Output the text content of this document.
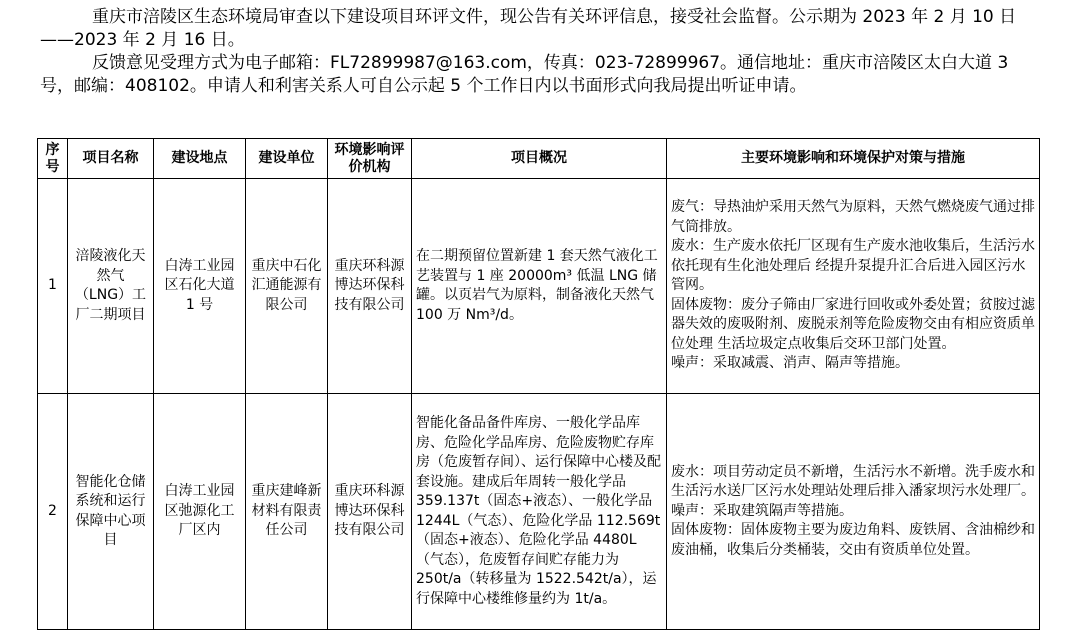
重庆市涪陵区生态环境局审查以下建设项目环评文件，现公告有关环评信息，接受社会监督。公示期为 2023 年 2 月 10 日——2023 年 2 月 16 日。

反馈意见受理方式为电子邮箱：FL72899987@163.com，传真：023-72899967。通信地址：重庆市涪陵区太白大道 3 号，邮编：408102。申请人和利害关系人可自公示起 5 个工作日内以书面形式向我局提出听证申请。

序号	项目名称	建设地点	建设单位	环境影响评价机构	项目概况	主要环境影响和环境保护对策与措施
1	涪陵液化天然气（LNG）工厂二期项目	白涛工业园区石化大道 1 号	重庆中石化汇通能源有限公司	重庆环科源博达环保科技有限公司	在二期预留位置新建 1 套天然气液化工艺装置与 1 座 20000m³ 低温 LNG 储罐。以页岩气为原料，制备液化天然气 100 万 Nm³/d。	废气：导热油炉采用天然气为原料，天然气燃烧废气通过排气筒排放。
废水：生产废水依托厂区现有生产废水池收集后，生活污水依托现有生化池处理后 经提升泵提升汇合后进入园区污水管网。
固体废物：废分子筛由厂家进行回收或外委处置；贫胺过滤器失效的废吸附剂、废脱汞剂等危险废物交由有相应资质单位处理 生活垃圾定点收集后交环卫部门处置。
噪声：采取减震、消声、隔声等措施。

2	智能化仓储系统和运行保障中心项目	白涛工业园区弛源化工厂区内	重庆建峰新材料有限责任公司	重庆环科源博达环保科技有限公司	智能化备品备件库房、一般化学品库房、危险化学品库房、危险废物贮存库房（危废暂存间）、运行保障中心楼及配套设施。建成后年周转一般化学品 359.137t（固态+液态）、一般化学品 1244L（气态）、危险化学品 112.569t（固态+液态）、危险化学品 4480L（气态），危废暂存间贮存能力为 250t/a（转移量为 1522.542t/a），运行保障中心楼维修量约为 1t/a。	废水：项目劳动定员不新增，生活污水不新增。洗手废水和生活污水送厂区污水处理站处理后排入潘家坝污水处理厂。
噪声：采取建筑隔声等措施。
固体废物：固体废物主要为废边角料、废铁屑、含油棉纱和废油桶，收集后分类桶装，交由有资质单位处置。
